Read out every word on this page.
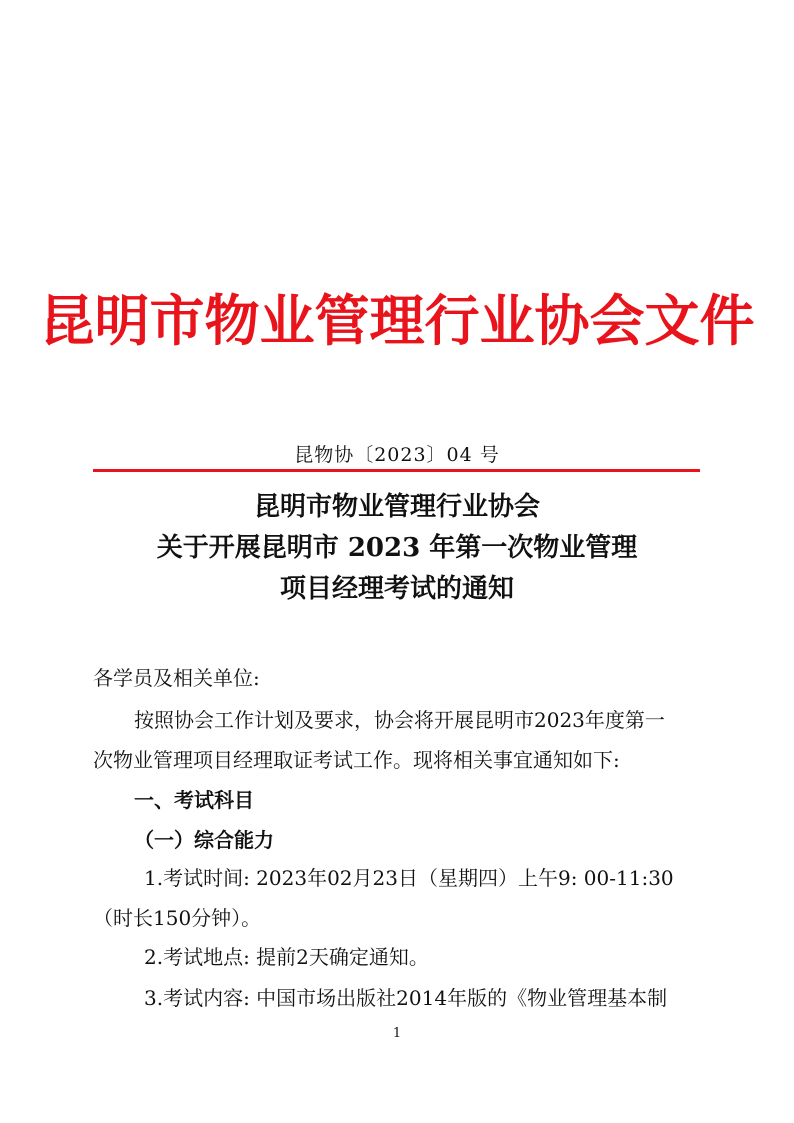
昆明市物业管理行业协会文件
昆物协〔2023〕04 号
昆明市物业管理行业协会
关于开展昆明市 2023 年第一次物业管理
项目经理考试的通知
各学员及相关单位:
按照协会工作计划及要求，协会将开展昆明市2023年度第一
次物业管理项目经理取证考试工作。现将相关事宜通知如下:
一、考试科目
（一）综合能力
1.考试时间: 2023年02月23日（星期四）上午9: 00-11:30
（时长150分钟）。
2.考试地点: 提前2天确定通知。
3.考试内容: 中国市场出版社2014年版的《物业管理基本制
1
